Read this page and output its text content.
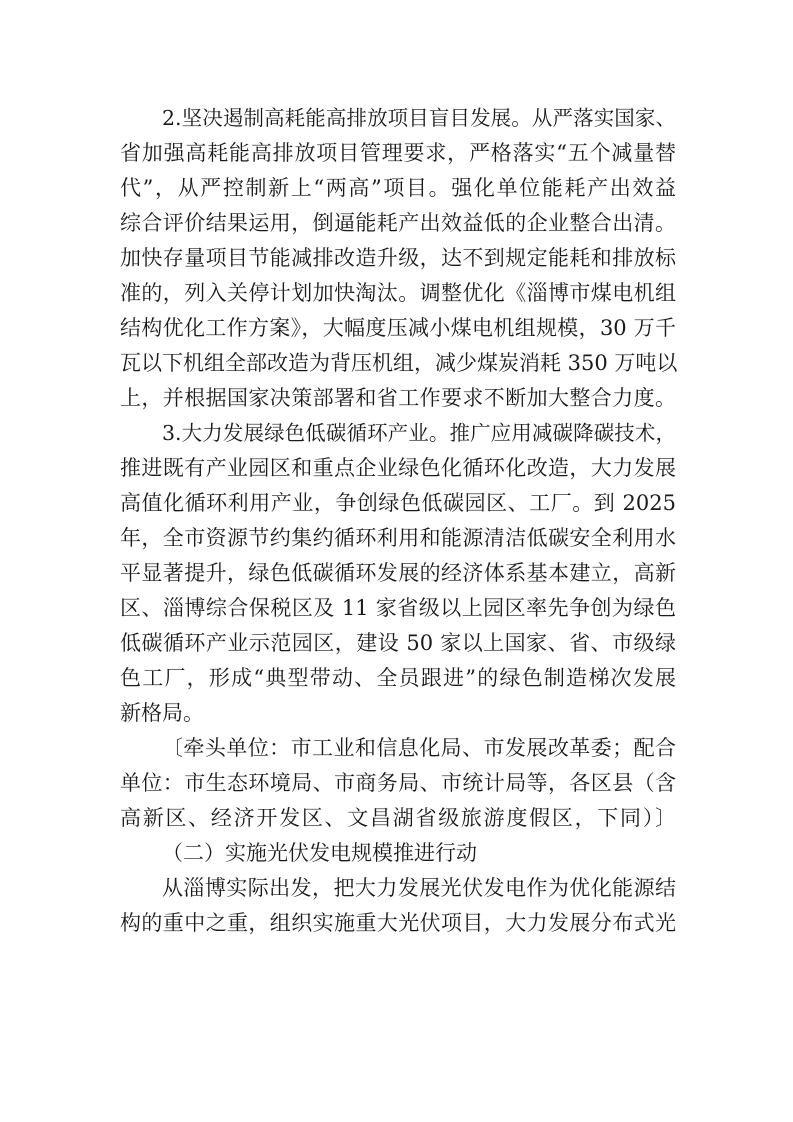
2.坚决遏制高耗能高排放项目盲目发展。从严落实国家、
省加强高耗能高排放项目管理要求，严格落实“五个减量替
代”，从严控制新上“两高”项目。强化单位能耗产出效益
综合评价结果运用，倒逼能耗产出效益低的企业整合出清。
加快存量项目节能减排改造升级，达不到规定能耗和排放标
准的，列入关停计划加快淘汰。调整优化《淄博市煤电机组
结构优化工作方案》，大幅度压减小煤电机组规模，30 万千
瓦以下机组全部改造为背压机组，减少煤炭消耗 350 万吨以
上，并根据国家决策部署和省工作要求不断加大整合力度。
3.大力发展绿色低碳循环产业。推广应用减碳降碳技术，
推进既有产业园区和重点企业绿色化循环化改造，大力发展
高值化循环利用产业，争创绿色低碳园区、工厂。到 2025
年，全市资源节约集约循环利用和能源清洁低碳安全利用水
平显著提升，绿色低碳循环发展的经济体系基本建立，高新
区、淄博综合保税区及 11 家省级以上园区率先争创为绿色
低碳循环产业示范园区，建设 50 家以上国家、省、市级绿
色工厂，形成“典型带动、全员跟进”的绿色制造梯次发展
新格局。
〔牵头单位：市工业和信息化局、市发展改革委；配合
单位：市生态环境局、市商务局、市统计局等，各区县（含
高新区、经济开发区、文昌湖省级旅游度假区，下同）〕
（二）实施光伏发电规模推进行动
从淄博实际出发，把大力发展光伏发电作为优化能源结
构的重中之重，组织实施重大光伏项目，大力发展分布式光
